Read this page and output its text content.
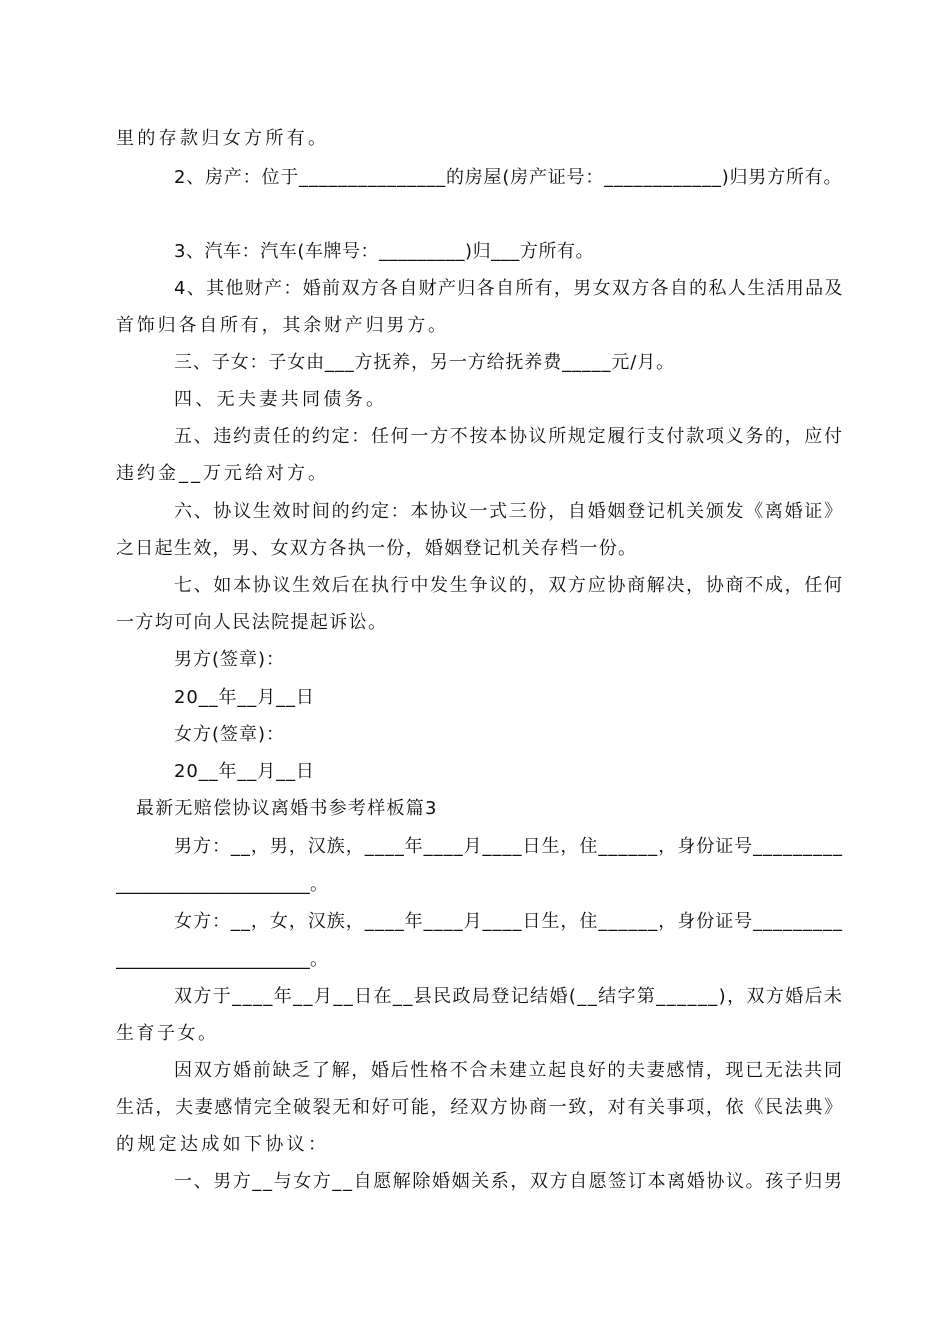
里的存款归女方所有。
2、房产：位于_______________的房屋(房产证号：____________)归男方所有。
3、汽车：汽车(车牌号：_________)归___方所有。
4、其他财产：婚前双方各自财产归各自所有，男女双方各自的私人生活用品及
首饰归各自所有，其余财产归男方。
三、子女：子女由___方抚养，另一方给抚养费_____元/月。
四、无夫妻共同债务。
五、违约责任的约定：任何一方不按本协议所规定履行支付款项义务的，应付
违约金__万元给对方。
六、协议生效时间的约定：本协议一式三份，自婚姻登记机关颁发《离婚证》
之日起生效，男、女双方各执一份，婚姻登记机关存档一份。
七、如本协议生效后在执行中发生争议的，双方应协商解决，协商不成，任何
一方均可向人民法院提起诉讼。
男方(签章)：
20__年__月__日
女方(签章)：
20__年__月__日
最新无赔偿协议离婚书参考样板篇3
男方：__，男，汉族，____年____月____日生，住______，身份证号_________
_____________________。
女方：__，女，汉族，____年____月____日生，住______，身份证号_________
_____________________。
双方于____年__月__日在__县民政局登记结婚(__结字第______)，双方婚后未
生育子女。
因双方婚前缺乏了解，婚后性格不合未建立起良好的夫妻感情，现已无法共同
生活，夫妻感情完全破裂无和好可能，经双方协商一致，对有关事项，依《民法典》
的规定达成如下协议：
一、男方__与女方__自愿解除婚姻关系，双方自愿签订本离婚协议。孩子归男
